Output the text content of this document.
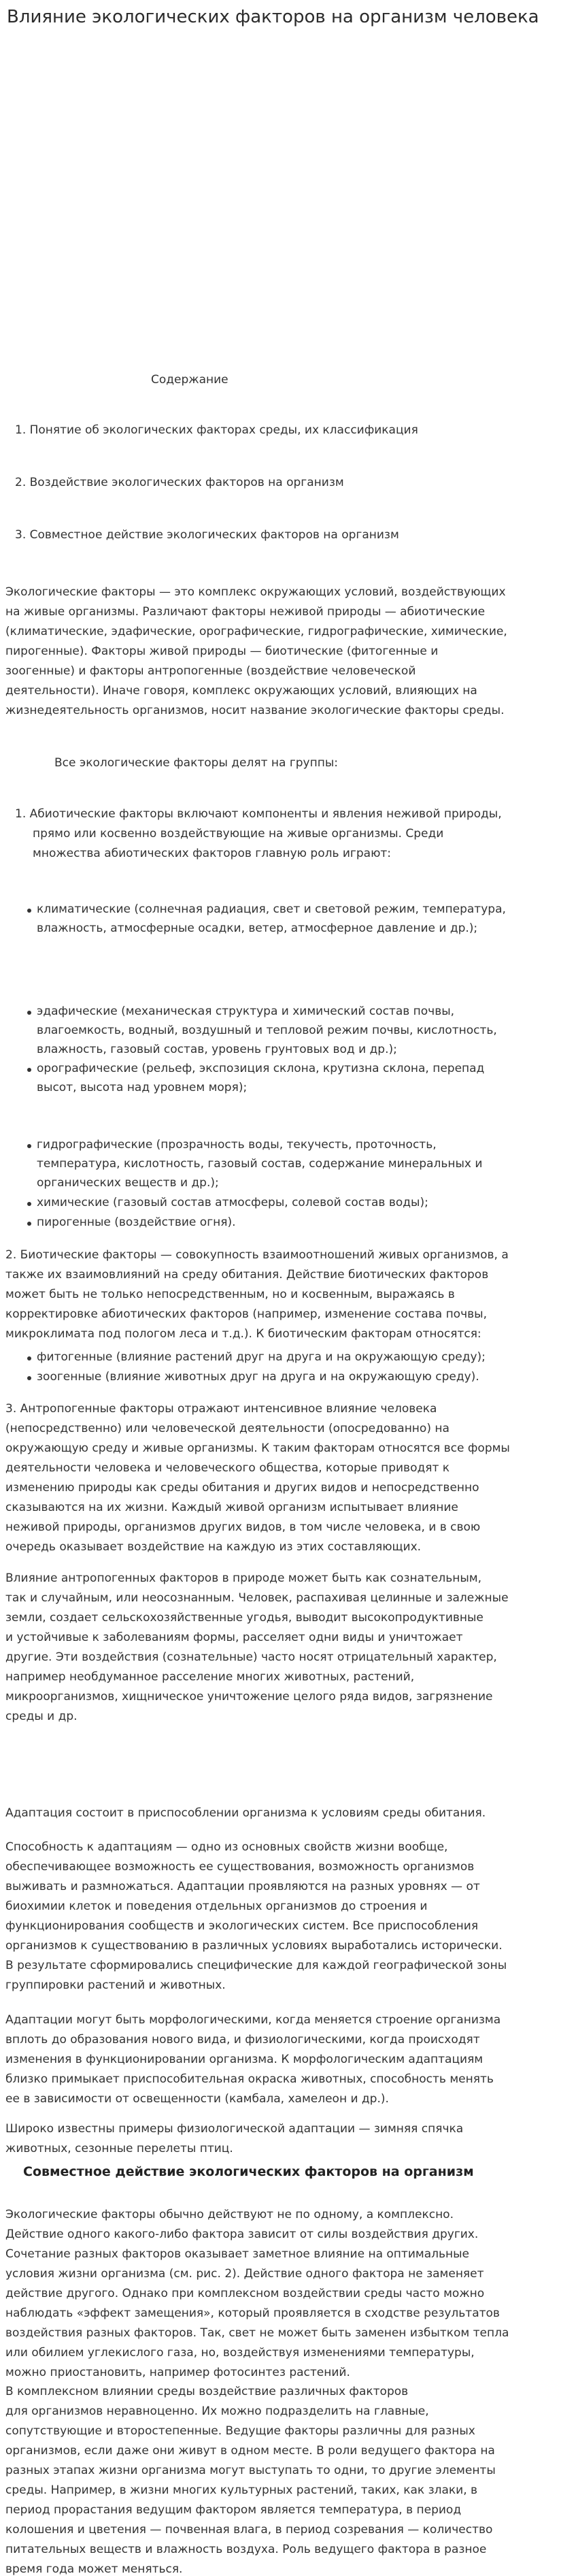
Влияние экологических факторов на организм человека
Содержание
1. Понятие об экологических факторах среды, их классификация
2. Воздействие экологических факторов на организм
3. Совместное действие экологических факторов на организм
Экологические факторы — это комплекс окружающих условий, воздействующих
на живые организмы. Различают факторы неживой природы — абиотические
(климатические, эдафические, орографические, гидрографические, химические,
пирогенные). Факторы живой природы — биотические (фитогенные и
зоогенные) и факторы антропогенные (воздействие человеческой
деятельности). Иначе говоря, комплекс окружающих условий, влияющих на
жизнедеятельность организмов, носит название экологические факторы среды.
Все экологические факторы делят на группы:
1. Абиотические факторы включают компоненты и явления неживой природы,
прямо или косвенно воздействующие на живые организмы. Среди
множества абиотических факторов главную роль играют:
климатические (солнечная радиация, свет и световой режим, температура,
влажность, атмосферные осадки, ветер, атмосферное давление и др.);
эдафические (механическая структура и химический состав почвы,
влагоемкость, водный, воздушный и тепловой режим почвы, кислотность,
влажность, газовый состав, уровень грунтовых вод и др.);
орографические (рельеф, экспозиция склона, крутизна склона, перепад
высот, высота над уровнем моря);
гидрографические (прозрачность воды, текучесть, проточность,
температура, кислотность, газовый состав, содержание минеральных и
органических веществ и др.);
химические (газовый состав атмосферы, солевой состав воды);
пирогенные (воздействие огня).
2. Биотические факторы — совокупность взаимоотношений живых организмов, а
также их взаимовлияний на среду обитания. Действие биотических факторов
может быть не только непосредственным, но и косвенным, выражаясь в
корректировке абиотических факторов (например, изменение состава почвы,
микроклимата под пологом леса и т.д.). К биотическим факторам относятся:
фитогенные (влияние растений друг на друга и на окружающую среду);
зоогенные (влияние животных друг на друга и на окружающую среду).
3. Антропогенные факторы отражают интенсивное влияние человека
(непосредственно) или человеческой деятельности (опосредованно) на
окружающую среду и живые организмы. К таким факторам относятся все формы
деятельности человека и человеческого общества, которые приводят к
изменению природы как среды обитания и других видов и непосредственно
сказываются на их жизни. Каждый живой организм испытывает влияние
неживой природы, организмов других видов, в том числе человека, и в свою
очередь оказывает воздействие на каждую из этих составляющих.
Влияние антропогенных факторов в природе может быть как сознательным,
так и случайным, или неосознанным. Человек, распахивая целинные и залежные
земли, создает сельскохозяйственные угодья, выводит высокопродуктивные
и устойчивые к заболеваниям формы, расселяет одни виды и уничтожает
другие. Эти воздействия (сознательные) часто носят отрицательный характер,
например необдуманное расселение многих животных, растений,
микроорганизмов, хищническое уничтожение целого ряда видов, загрязнение
среды и др.
Адаптация состоит в приспособлении организма к условиям среды обитания.
Способность к адаптациям — одно из основных свойств жизни вообще,
обеспечивающее возможность ее существования, возможность организмов
выживать и размножаться. Адаптации проявляются на разных уровнях — от
биохимии клеток и поведения отдельных организмов до строения и
функционирования сообществ и экологических систем. Все приспособления
организмов к существованию в различных условиях выработались исторически.
В результате сформировались специфические для каждой географической зоны
группировки растений и животных.
Адаптации могут быть морфологическими, когда меняется строение организма
вплоть до образования нового вида, и физиологическими, когда происходят
изменения в функционировании организма. К морфологическим адаптациям
близко примыкает приспособительная окраска животных, способность менять
ее в зависимости от освещенности (камбала, хамелеон и др.).
Широко известны примеры физиологической адаптации — зимняя спячка
животных, сезонные перелеты птиц.
Совместное действие экологических факторов на организм
Экологические факторы обычно действуют не по одному, а комплексно.
Действие одного какого-либо фактора зависит от силы воздействия других.
Сочетание разных факторов оказывает заметное влияние на оптимальные
условия жизни организма (см. рис. 2). Действие одного фактора не заменяет
действие другого. Однако при комплексном воздействии среды часто можно
наблюдать «эффект замещения», который проявляется в сходстве результатов
воздействия разных факторов. Так, свет не может быть заменен избытком тепла
или обилием углекислого газа, но, воздействуя изменениями температуры,
можно приостановить, например фотосинтез растений.
В комплексном влиянии среды воздействие различных факторов
для организмов неравноценно. Их можно подразделить на главные,
сопутствующие и второстепенные. Ведущие факторы различны для разных
организмов, если даже они живут в одном месте. В роли ведущего фактора на
разных этапах жизни организма могут выступать то одни, то другие элементы
среды. Например, в жизни многих культурных растений, таких, как злаки, в
период прорастания ведущим фактором является температура, в период
колошения и цветения — почвенная влага, в период созревания — количество
питательных веществ и влажность воздуха. Роль ведущего фактора в разное
время года может меняться.
